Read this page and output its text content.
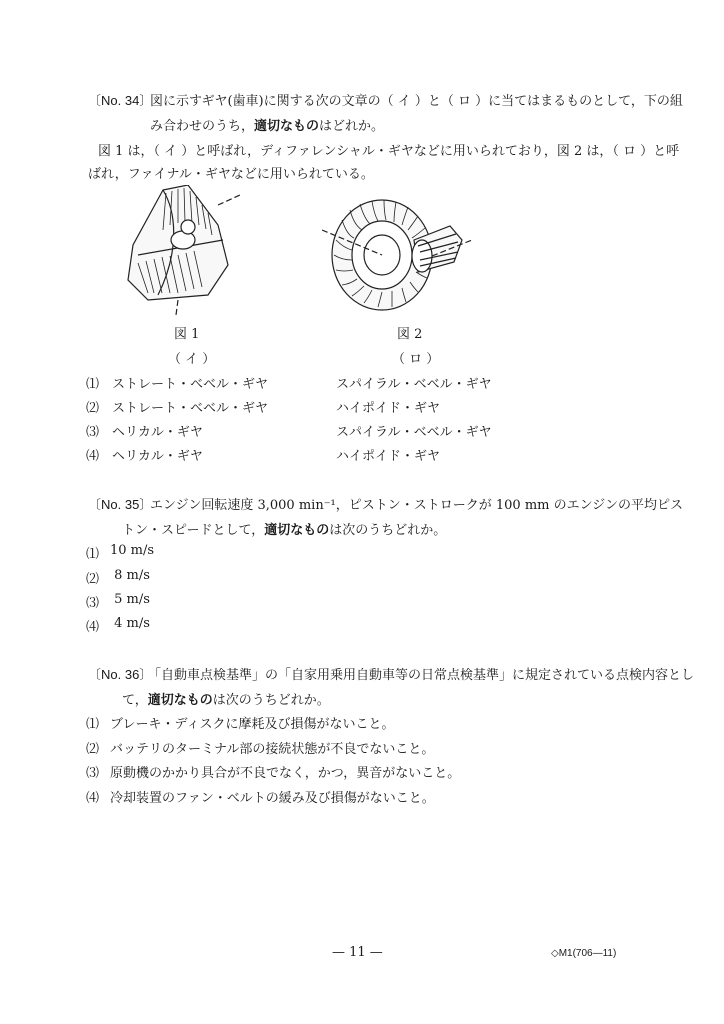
〔No. 34〕
図に示すギヤ(歯車)に関する次の文章の（ イ ）と（ ロ ）に当てはまるものとして，下の組
み合わせのうち，適切なものはどれか。
図 1 は，（ イ ）と呼ばれ，ディファレンシャル・ギヤなどに用いられており，図 2 は，（ ロ ）と呼
ばれ，ファイナル・ギヤなどに用いられている。
図 1	図 2
（ イ ）	（ ロ ）
⑴ ストレート・ベベル・ギヤ	スパイラル・ベベル・ギヤ
⑵ ストレート・ベベル・ギヤ	ハイポイド・ギヤ
⑶ ヘリカル・ギヤ	スパイラル・ベベル・ギヤ
⑷ ヘリカル・ギヤ	ハイポイド・ギヤ
〔No. 35〕
エンジン回転速度 3,000 min⁻¹，ピストン・ストロークが 100 mm のエンジンの平均ピス
トン・スピードとして，適切なものは次のうちどれか。
⑴ 10 m/s
⑵ 8 m/s
⑶ 5 m/s
⑷ 4 m/s
〔No. 36〕
「自動車点検基準」の「自家用乗用自動車等の日常点検基準」に規定されている点検内容とし
て，適切なものは次のうちどれか。
⑴ ブレーキ・ディスクに摩耗及び損傷がないこと。
⑵ バッテリのターミナル部の接続状態が不良でないこと。
⑶ 原動機のかかり具合が不良でなく，かつ，異音がないこと。
⑷ 冷却装置のファン・ベルトの緩み及び損傷がないこと。
— 11 —	◇M1(706—11)
